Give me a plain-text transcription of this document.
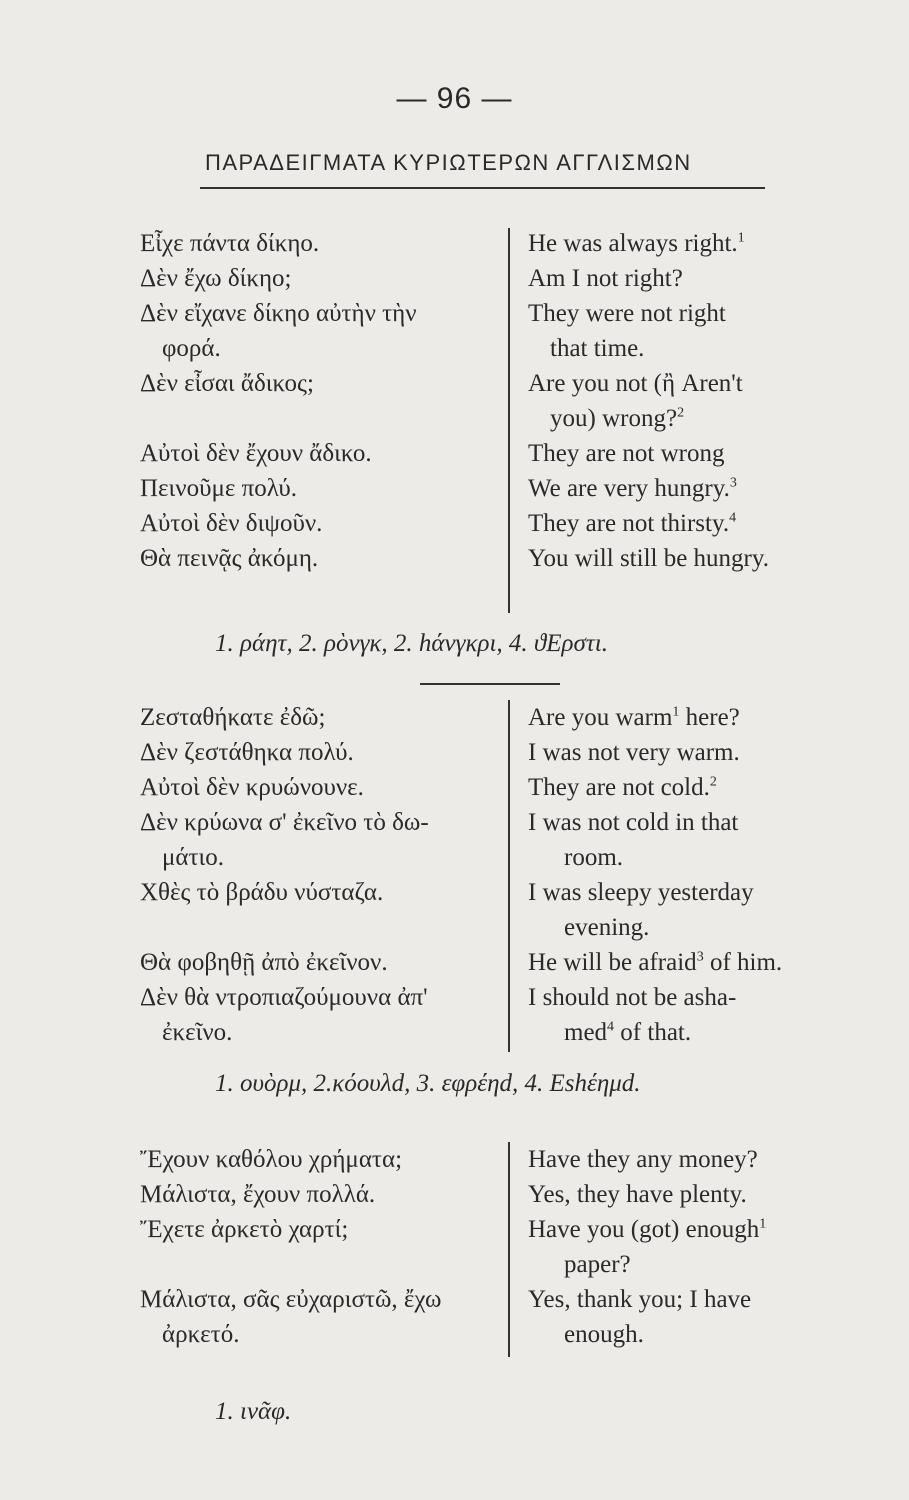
— 96 —
ΠΑΡΑΔΕΙΓΜΑΤΑ ΚΥΡΙΩΤΕΡΩΝ ΑΓΓΛΙΣΜΩΝ
Εἶχε πάντα δίκηο.
Δὲν ἔχω δίκηο;
Δὲν εἴχανε δίκηο αὐτὴν τὴν
φορά.
Δὲν εἶσαι ἄδικος;
Αὐτοὶ δὲν ἔχουν ἄδικο.
Πεινοῦμε πολύ.
Αὐτοὶ δὲν διψοῦν.
Θὰ πεινᾷς ἀκόμη.
He was always right.$^1$
Am I not right?
They were not right
that time.
Are you not (ἢ Aren't
you) wrong?$^2$
They are not wrong
We are very hungry.$^3$
They are not thirsty.$^4$
You will still be hungry.
1. ράητ, 2. ρὸνγκ, 2. hάνγκρι, 4. ϑΕρστι.
Ζεσταθήκατε ἐδῶ;
Δὲν ζεστάθηκα πολύ.
Αὐτοὶ δὲν κρυώνουνε.
Δὲν κρύωνα σ' ἐκεῖνο τὸ δω-
μάτιο.
Χθὲς τὸ βράδυ νύσταζα.
Θὰ φοβηθῇ ἀπὸ ἐκεῖνον.
Δὲν θὰ ντροπιαζούμουνα ἀπ'
ἐκεῖνο.
Are you warm$^1$ here?
I was not very warm.
They are not cold.$^2$
I was not cold in that
room.
I was sleepy yesterday
evening.
He will be afraid$^3$ of him.
I should not be asha-
med$^4$ of that.
1. ουὸρμ, 2.κόουλd, 3. εφρέηd, 4. Eshέημd.
Ἔχουν καθόλου χρήματα;
Μάλιστα, ἔχουν πολλά.
Ἔχετε ἀρκετὸ χαρτί;
Μάλιστα, σᾶς εὐχαριστῶ, ἔχω
ἀρκετό.
Have they any money?
Yes, they have plenty.
Have you (got) enough$^1$
paper?
Yes, thank you; I have
enough.
1. ινᾶφ.
